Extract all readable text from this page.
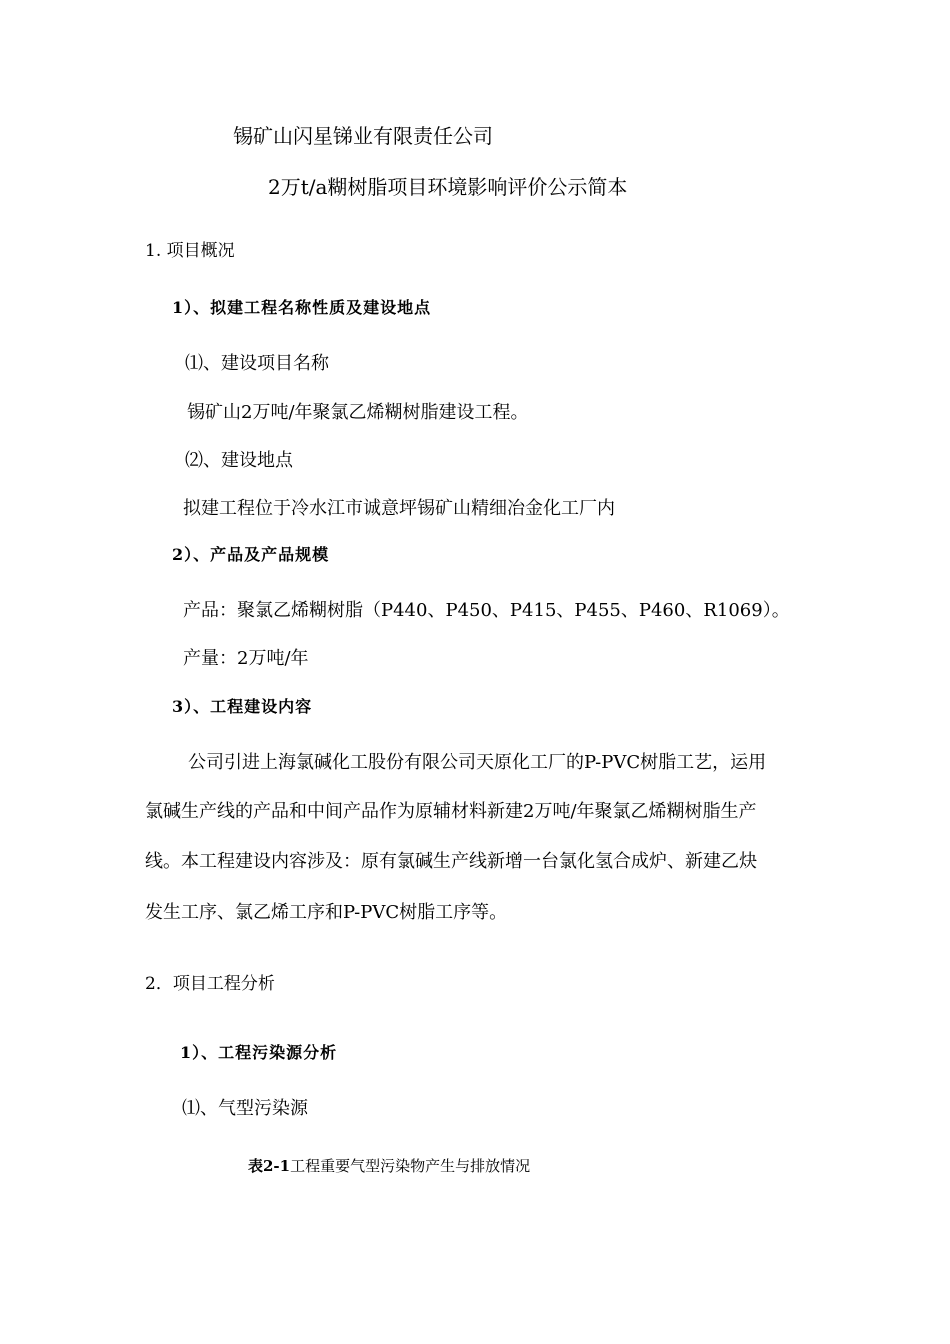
锡矿山闪星锑业有限责任公司
2万t/a糊树脂项目环境影响评价公示简本
1. 项目概况
1）、拟建工程名称性质及建设地点
⑴、建设项目名称
锡矿山2万吨/年聚氯乙烯糊树脂建设工程。
⑵、建设地点
拟建工程位于冷水江市诚意坪锡矿山精细冶金化工厂内
2）、产品及产品规模
产品：聚氯乙烯糊树脂（P440、P450、P415、P455、P460、R1069）。
产量：2万吨/年
3）、工程建设内容
公司引进上海氯碱化工股份有限公司天原化工厂的P-PVC树脂工艺，运用
氯碱生产线的产品和中间产品作为原辅材料新建2万吨/年聚氯乙烯糊树脂生产
线。本工程建设内容涉及：原有氯碱生产线新增一台氯化氢合成炉、新建乙炔
发生工序、氯乙烯工序和P-PVC树脂工序等。
2．项目工程分析
1）、工程污染源分析
⑴、气型污染源
表2-1工程重要气型污染物产生与排放情况
